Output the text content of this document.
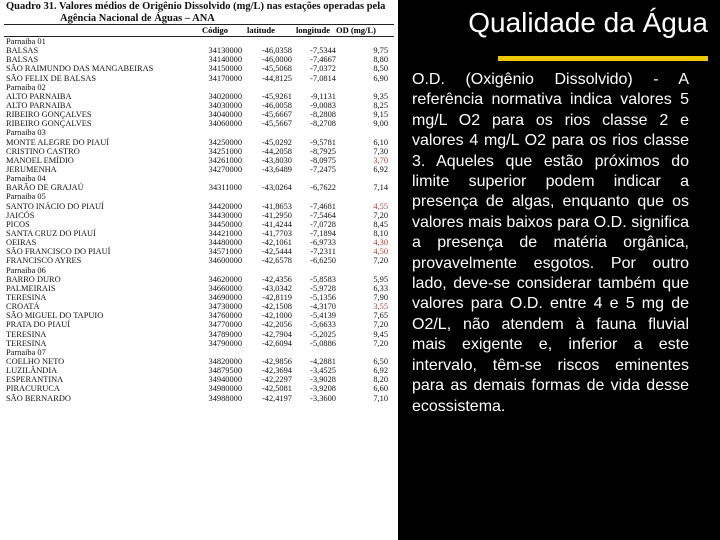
Quadro 31. Valores médios de Origênio Dissolvido (mg/L) nas estações operadas pela
Agência Nacional de Águas – ANA
Código latitude longitude OD (mg/L)
Parnaiba 01				
BALSAS	34130000	-46,0358	-7,5344	9,75
BALSAS	34140000	-46,0000	-7,4667	8,80
SÃO RAIMUNDO DAS MANGABEIRAS	34150000	-45,5068	-7,0372	8,50
SÃO FELIX DE BALSAS	34170000	-44,8125	-7,0814	6,90
Parnaiba 02				
ALTO PARNAIBA	34020000	-45,9261	-9,1131	9,35
ALTO PARNAIBA	34030000	-46,0058	-9,0083	8,25
RIBEIRO GONÇALVES	34040000	-45,6667	-8,2808	9,15
RIBEIRO GONÇALVES	34060000	-45,5667	-8,2708	9,00
Parnaiba 03				
MONTE ALEGRE DO PIAUÍ	34250000	-45,0292	-9,5781	6,10
CRISTINO CASTRO	34251000	-44,2058	-8,7925	7,30
MANOEL EMÍDIO	34261000	-43,8030	-8,0975	3,70
JERUMENHA	34270000	-43,6489	-7,2475	6,92
Parnaiba 04				
BARÃO DE GRAJAÚ	34311000	-43,0264	-6,7622	7,14
Parnaiba 05				
SANTO INÁCIO DO PIAUÍ	34420000	-41,8653	-7,4681	4,55
JAICÓS	34430000	-41,2950	-7,5464	7,20
PICOS	34450000	-41,4244	-7,0728	8,45
SANTA CRUZ DO PIAUÍ	34421000	-41,7703	-7,1894	8,10
OEIRAS	34480000	-42,1061	-6,9733	4,30
SÃO FRANCISCO DO PIAUÍ	34571000	-42,5444	-7,2311	4,50
FRANCISCO AYRES	34600000	-42,6578	-6,6250	7,20
Parnaiba 06				
BARRO DURO	34620000	-42,4356	-5,8583	5,95
PALMEIRAIS	34660000	-43,0342	-5,9728	6,33
TERESINA	34690000	-42,8119	-5,1356	7,90
CROATÁ	34730000	-42,1508	-4,3170	3,55
SÃO MIGUEL DO TAPUIO	34760000	-42,1000	-5,4139	7,65
PRATA DO PIAUÍ	34770000	-42,2056	-5,6633	7,20
TERESINA	34789000	-42,7904	-5,2025	9,45
TERESINA	34790000	-42,6094	-5,0886	7,20
Parnaiba 07				
COELHO NETO	34820000	-42,9856	-4,2881	6,50
LUZILÂNDIA	34879500	-42,3694	-3,4525	6,92
ESPERANTINA	34940000	-42,2297	-3,9028	8,20
PIRACURUCA	34980000	-42,5081	-3,9208	6,60
SÃO BERNARDO	34988000	-42,4197	-3,3600	7,10
Qualidade da Água
O.D. (Oxigênio Dissolvido) - A referência normativa indica valores 5 mg/L O2 para os rios classe 2 e valores 4 mg/L O2 para os rios classe 3. Aqueles que estão próximos do limite superior podem indicar a presença de algas, enquanto que os valores mais baixos para O.D. significa a presença de matéria orgânica, provavelmente esgotos. Por outro lado, deve-se considerar também que valores para O.D. entre 4 e 5 mg de O2/L, não atendem à fauna fluvial mais exigente e, inferior a este intervalo, têm-se riscos eminentes para as demais formas de vida desse ecossistema.
